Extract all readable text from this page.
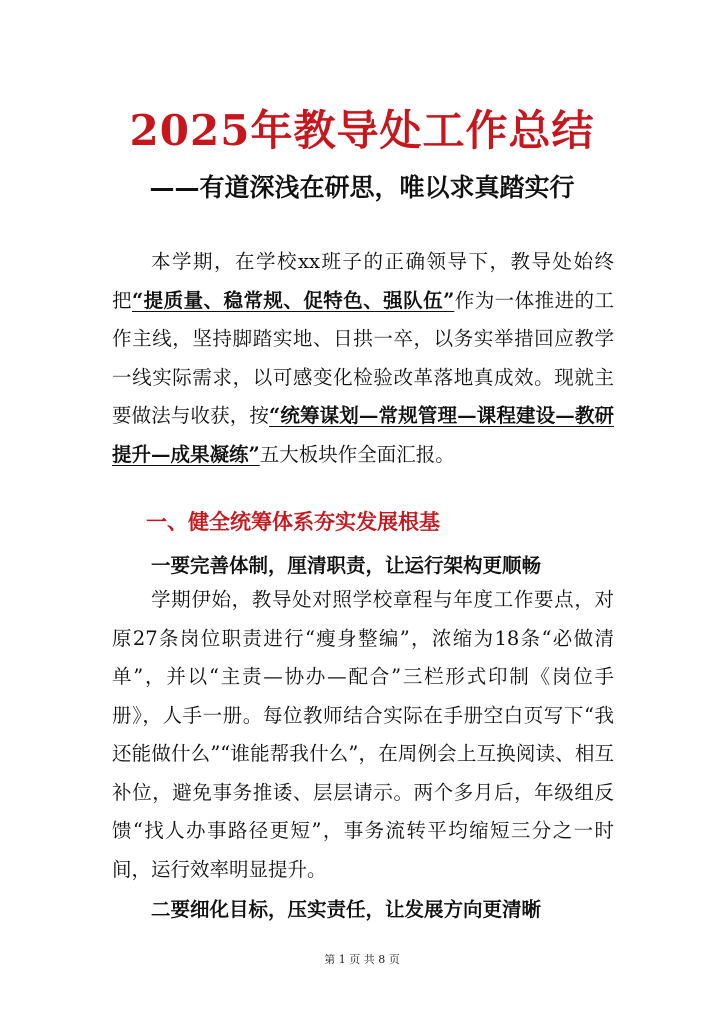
2025年教导处工作总结
——有道深浅在研思，唯以求真踏实行

本学期，在学校xx班子的正确领导下，教导处始终把“提质量、稳常规、促特色、强队伍”作为一体推进的工作主线，坚持脚踏实地、日拱一卒，以务实举措回应教学一线实际需求，以可感变化检验改革落地真成效。现就主要做法与收获，按“统筹谋划—常规管理—课程建设—教研提升—成果凝练”五大板块作全面汇报。

一、健全统筹体系夯实发展根基
一要完善体制，厘清职责，让运行架构更顺畅

学期伊始，教导处对照学校章程与年度工作要点，对原27条岗位职责进行“瘦身整编”，浓缩为18条“必做清单”，并以“主责—协办—配合”三栏形式印制《岗位手册》，人手一册。每位教师结合实际在手册空白页写下“我还能做什么”“谁能帮我什么”，在周例会上互换阅读、相互补位，避免事务推诿、层层请示。两个多月后，年级组反馈“找人办事路径更短”，事务流转平均缩短三分之一时间，运行效率明显提升。

二要细化目标，压实责任，让发展方向更清晰
第 1 页 共 8 页
